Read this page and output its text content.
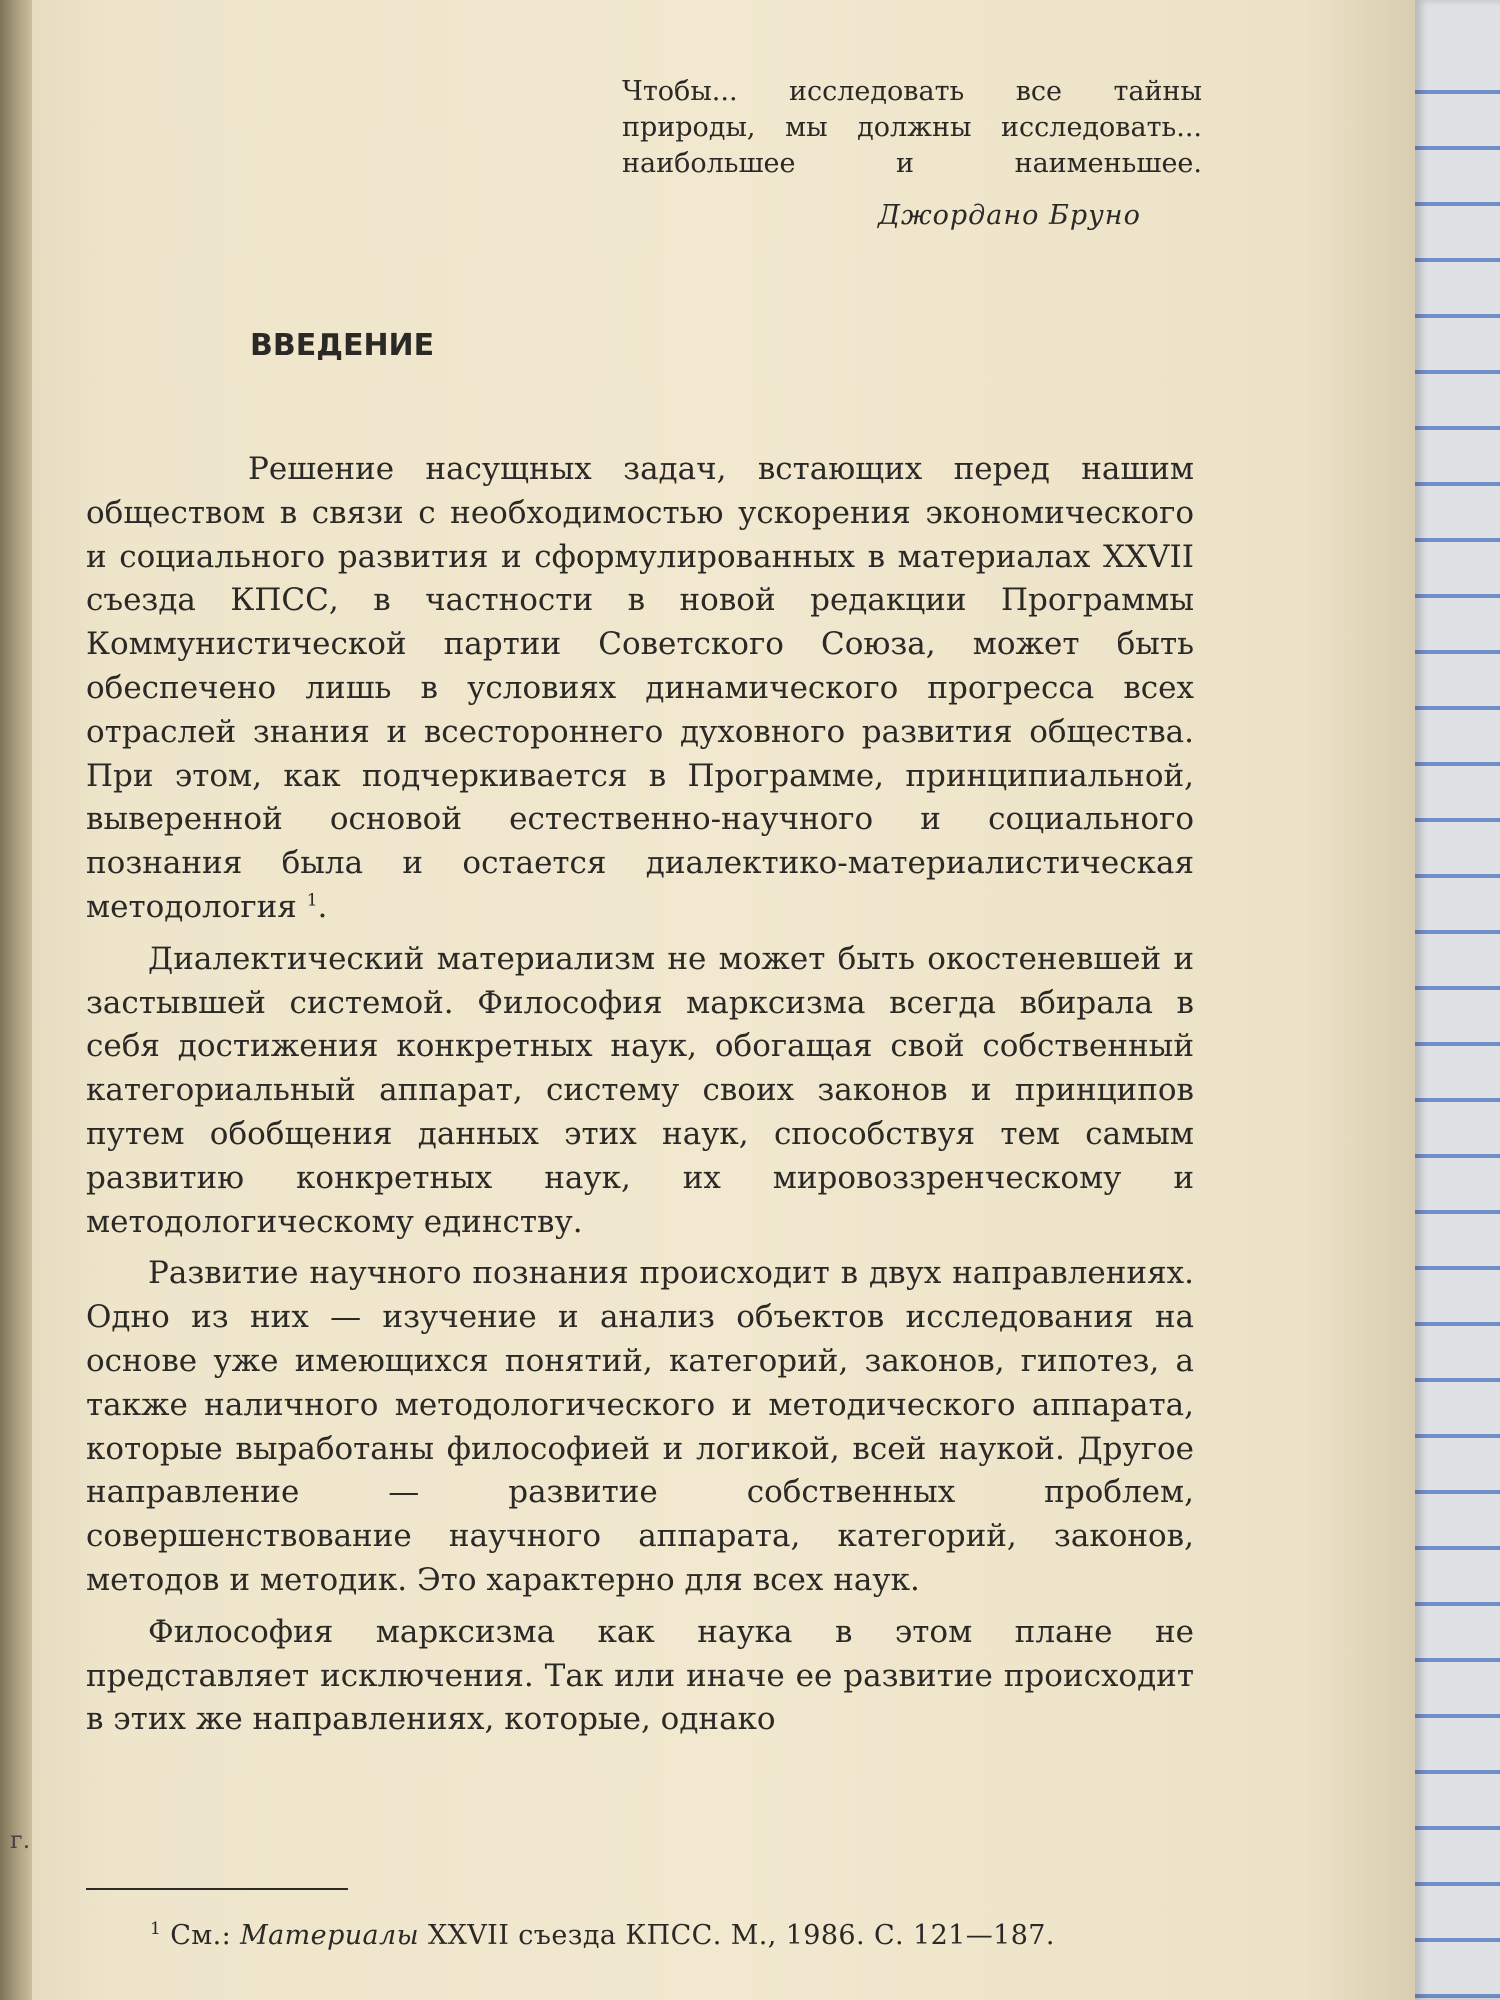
Чтобы... исследовать все тайны природы, мы должны исследовать... наибольшее и наименьшее.
Джордано Бруно
ВВЕДЕНИЕ

Решение насущных задач, встающих перед нашим обществом в связи с необходимостью ускорения экономического и социального развития и сформулированных в материалах XXVII съезда КПСС, в частности в новой редакции Программы Коммунистической партии Советского Союза, может быть обеспечено лишь в условиях динамического прогресса всех отраслей знания и всестороннего духовного развития общества. При этом, как подчеркивается в Программе, принципиальной, выверенной основой естественно-научного и социального познания была и остается диалектико-материалистическая методология $^1$.

Диалектический материализм не может быть окостеневшей и застывшей системой. Философия марксизма всегда вбирала в себя достижения конкретных наук, обогащая свой собственный категориальный аппарат, систему своих законов и принципов путем обобщения данных этих наук, способствуя тем самым развитию конкретных наук, их мировоззренческому и методологическому единству.

Развитие научного познания происходит в двух направлениях. Одно из них — изучение и анализ объектов исследования на основе уже имеющихся понятий, категорий, законов, гипотез, а также наличного методологического и методического аппарата, которые выработаны философией и логикой, всей наукой. Другое направление — развитие собственных проблем, совершенствование научного аппарата, категорий, законов, методов и методик. Это характерно для всех наук.

Философия марксизма как наука в этом плане не представляет исключения. Так или иначе ее развитие происходит в этих же направлениях, которые, однако

г.
$^1$ См.: Материалы XXVII съезда КПСС. М., 1986. С. 121—187.
